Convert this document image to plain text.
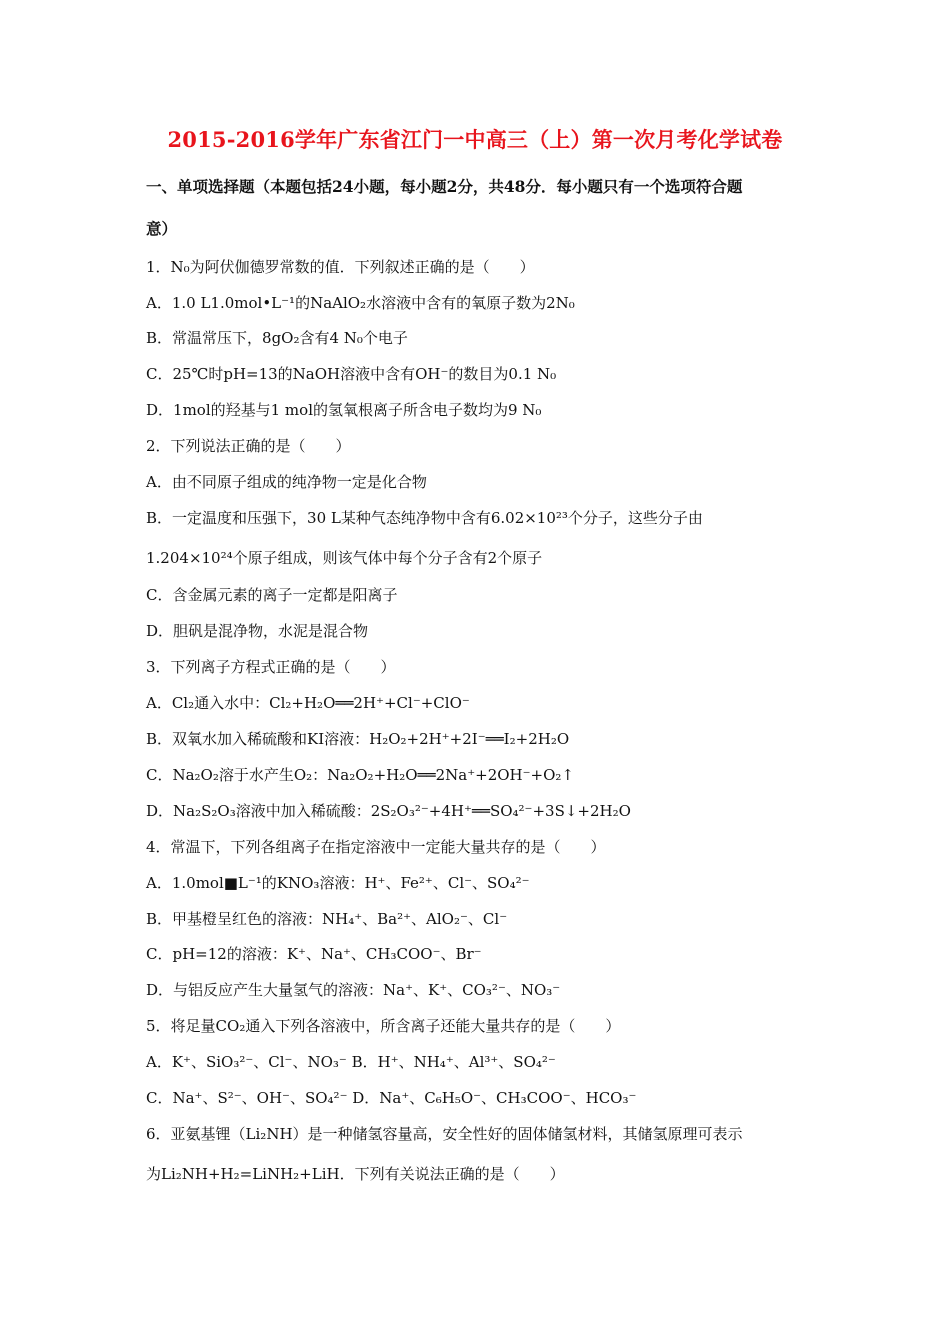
2015-2016学年广东省江门一中高三（上）第一次月考化学试卷
一、单项选择题（本题包括24小题，每小题2分，共48分．每小题只有一个选项符合题
意）
1．N₀为阿伏伽德罗常数的值．下列叙述正确的是（　　）
A．1.0 L1.0mol•L⁻¹的NaAlO₂水溶液中含有的氧原子数为2N₀
B．常温常压下，8gO₂含有4 N₀个电子
C．25℃时pH=13的NaOH溶液中含有OH⁻的数目为0.1 N₀
D．1mol的羟基与1 mol的氢氧根离子所含电子数均为9 N₀
2．下列说法正确的是（　　）
A．由不同原子组成的纯净物一定是化合物
B．一定温度和压强下，30 L某种气态纯净物中含有6.02×10²³个分子，这些分子由
1.204×10²⁴个原子组成，则该气体中每个分子含有2个原子
C．含金属元素的离子一定都是阳离子
D．胆矾是混净物，水泥是混合物
3．下列离子方程式正确的是（　　）
A．Cl₂通入水中：Cl₂+H₂O══2H⁺+Cl⁻+ClO⁻
B．双氧水加入稀硫酸和KI溶液：H₂O₂+2H⁺+2I⁻══I₂+2H₂O
C．Na₂O₂溶于水产生O₂：Na₂O₂+H₂O══2Na⁺+2OH⁻+O₂↑
D．Na₂S₂O₃溶液中加入稀硫酸：2S₂O₃²⁻+4H⁺══SO₄²⁻+3S↓+2H₂O
4．常温下，下列各组离子在指定溶液中一定能大量共存的是（　　）
A．1.0mol■L⁻¹的KNO₃溶液：H⁺、Fe²⁺、Cl⁻、SO₄²⁻
B．甲基橙呈红色的溶液：NH₄⁺、Ba²⁺、AlO₂⁻、Cl⁻
C．pH=12的溶液：K⁺、Na⁺、CH₃COO⁻、Br⁻
D．与铝反应产生大量氢气的溶液：Na⁺、K⁺、CO₃²⁻、NO₃⁻
5．将足量CO₂通入下列各溶液中，所含离子还能大量共存的是（　　）
A．K⁺、SiO₃²⁻、Cl⁻、NO₃⁻ B．H⁺、NH₄⁺、Al³⁺、SO₄²⁻
C．Na⁺、S²⁻、OH⁻、SO₄²⁻ D．Na⁺、C₆H₅O⁻、CH₃COO⁻、HCO₃⁻
6．亚氨基锂（Li₂NH）是一种储氢容量高，安全性好的固体储氢材料，其储氢原理可表示
为Li₂NH+H₂=LiNH₂+LiH．下列有关说法正确的是（　　）
